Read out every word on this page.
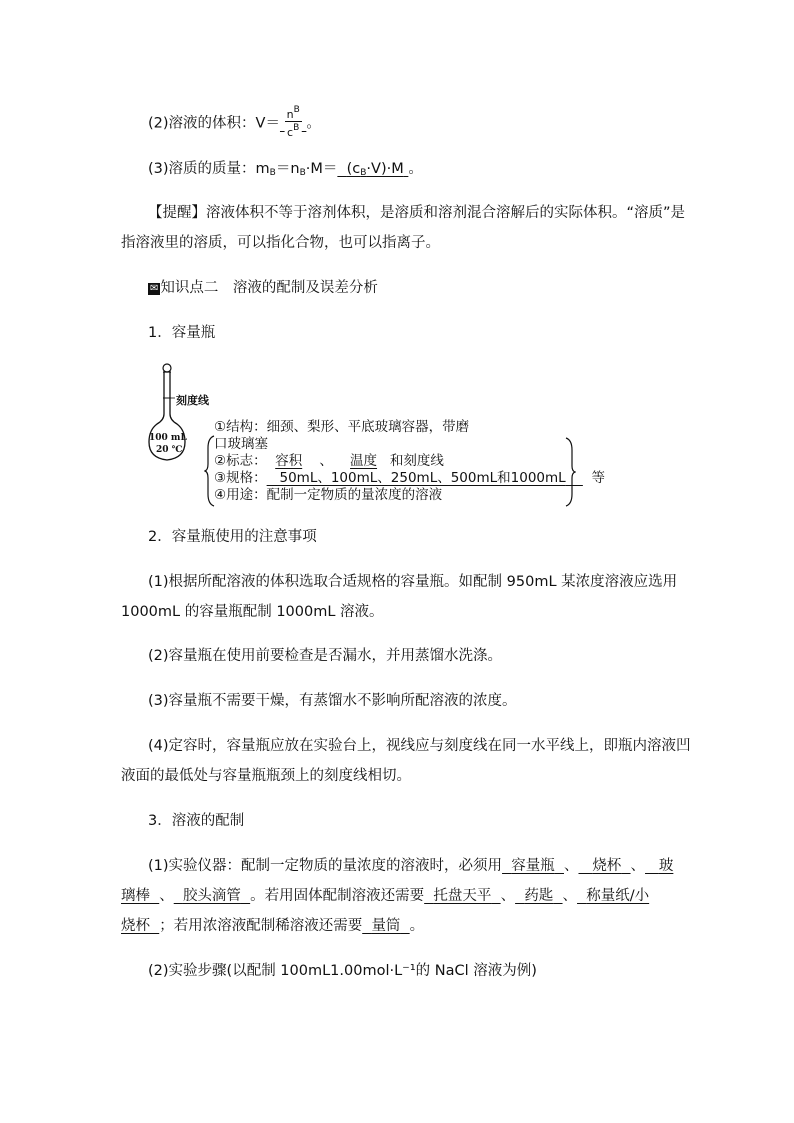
(2)溶液的体积：$V= \frac{n^B}{c^B}$ 。
(3)溶质的质量：$m_B=n_B\cdot M= (c_B\cdot V)\cdot M$ 。
【提醒】溶液体积不等于溶剂体积，是溶质和溶剂混合溶解后的实际体积。“溶质”是
指溶液里的溶质，可以指化合物，也可以指离子。
✉ 知识点二　溶液的配制及误差分析
1．容量瓶
刻度线
100 mL
20 ℃
①结构：细颈、梨形、平底玻璃容器，带磨
口玻璃塞
②标志： 容积 、 温度 和刻度线
③规格： 50mL、100mL、250mL、500mL和1000mL 等
④用途：配制一定物质的量浓度的溶液
2．容量瓶使用的注意事项
(1)根据所配溶液的体积选取合适规格的容量瓶。如配制 950mL 某浓度溶液应选用
1000mL 的容量瓶配制 1000mL 溶液。
(2)容量瓶在使用前要检查是否漏水，并用蒸馏水洗涤。
(3)容量瓶不需要干燥，有蒸馏水不影响所配溶液的浓度。
(4)定容时，容量瓶应放在实验台上，视线应与刻度线在同一水平线上，即瓶内溶液凹
液面的最低处与容量瓶瓶颈上的刻度线相切。
3．溶液的配制
(1)实验仪器：配制一定物质的量浓度的溶液时，必须用 容量瓶 、 烧杯 、 玻
璃棒 、 胶头滴管 。若用固体配制溶液还需要 托盘天平 、 药匙 、 称量纸/小
烧杯 ；若用浓溶液配制稀溶液还需要 量筒 。
(2)实验步骤(以配制 100mL1.00mol·L⁻¹的 NaCl 溶液为例)
